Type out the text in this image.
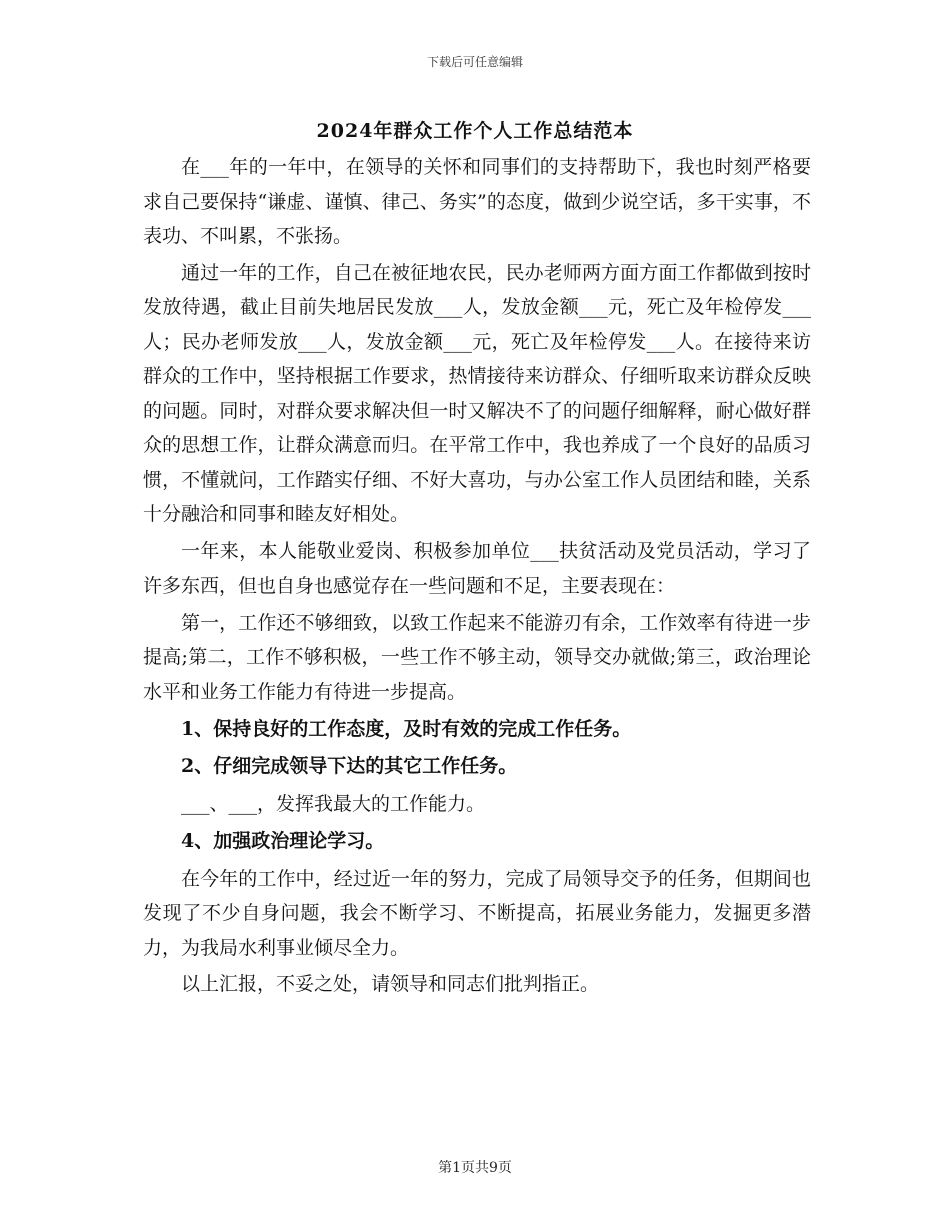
下载后可任意编辑
2024年群众工作个人工作总结范本

在___年的一年中，在领导的关怀和同事们的支持帮助下，我也时刻严格要求自己要保持“谦虚、谨慎、律己、务实”的态度，做到少说空话，多干实事，不表功、不叫累，不张扬。

通过一年的工作，自己在被征地农民，民办老师两方面方面工作都做到按时发放待遇，截止目前失地居民发放___人，发放金额___元，死亡及年检停发___人；民办老师发放___人，发放金额___元，死亡及年检停发___人。在接待来访群众的工作中，坚持根据工作要求，热情接待来访群众、仔细听取来访群众反映的问题。同时，对群众要求解决但一时又解决不了的问题仔细解释，耐心做好群众的思想工作，让群众满意而归。在平常工作中，我也养成了一个良好的品质习惯，不懂就问，工作踏实仔细、不好大喜功，与办公室工作人员团结和睦，关系十分融洽和同事和睦友好相处。

一年来，本人能敬业爱岗、积极参加单位___扶贫活动及党员活动，学习了许多东西，但也自身也感觉存在一些问题和不足，主要表现在：

第一，工作还不够细致，以致工作起来不能游刃有余，工作效率有待进一步提高;第二，工作不够积极，一些工作不够主动，领导交办就做;第三，政治理论水平和业务工作能力有待进一步提高。

1、保持良好的工作态度，及时有效的完成工作任务。

2、仔细完成领导下达的其它工作任务。

___、___，发挥我最大的工作能力。

4、加强政治理论学习。

在今年的工作中，经过近一年的努力，完成了局领导交予的任务，但期间也发现了不少自身问题，我会不断学习、不断提高，拓展业务能力，发掘更多潜力，为我局水利事业倾尽全力。

以上汇报，不妥之处，请领导和同志们批判指正。

第1页共9页
